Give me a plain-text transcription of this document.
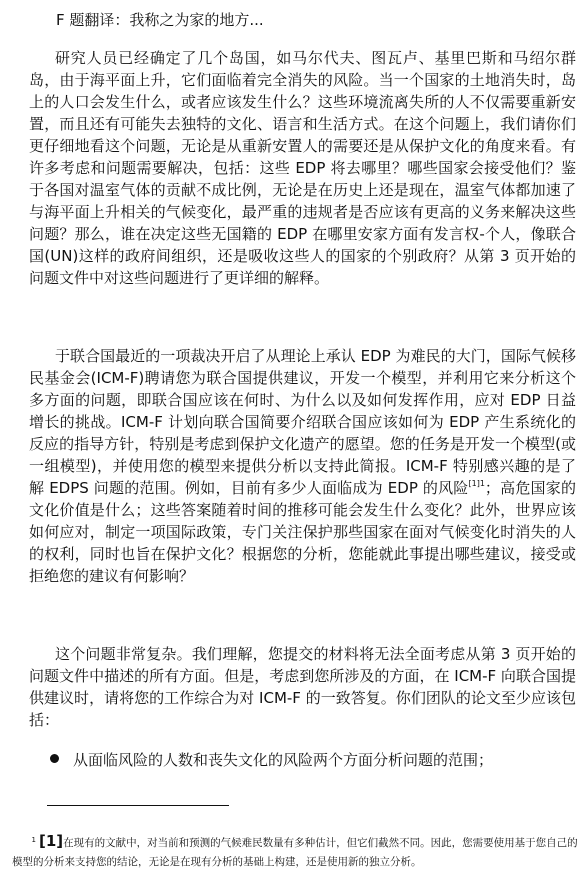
F 题翻译：我称之为家的地方...

研究人员已经确定了几个岛国，如马尔代夫、图瓦卢、基里巴斯和马绍尔群岛，由于海平面上升，它们面临着完全消失的风险。当一个国家的土地消失时，岛上的人口会发生什么，或者应该发生什么？这些环境流离失所的人不仅需要重新安置，而且还有可能失去独特的文化、语言和生活方式。在这个问题上，我们请你们更仔细地看这个问题，无论是从重新安置人的需要还是从保护文化的角度来看。有许多考虑和问题需要解决，包括：这些 EDP 将去哪里？哪些国家会接受他们？鉴于各国对温室气体的贡献不成比例，无论是在历史上还是现在，温室气体都加速了与海平面上升相关的气候变化，最严重的违规者是否应该有更高的义务来解决这些问题？那么，谁在决定这些无国籍的 EDP 在哪里安家方面有发言权-个人，像联合国(UN)这样的政府间组织，还是吸收这些人的国家的个别政府？从第 3 页开始的问题文件中对这些问题进行了更详细的解释。

于联合国最近的一项裁决开启了从理论上承认 EDP 为难民的大门，国际气候移民基金会(ICM-F)聘请您为联合国提供建议，开发一个模型，并利用它来分析这个多方面的问题，即联合国应该在何时、为什么以及如何发挥作用，应对 EDP 日益增长的挑战。ICM-F 计划向联合国简要介绍联合国应该如何为 EDP 产生系统化的反应的指导方针，特别是考虑到保护文化遗产的愿望。您的任务是开发一个模型(或一组模型)，并使用您的模型来提供分析以支持此简报。ICM-F 特别感兴趣的是了解 EDPS 问题的范围。例如，目前有多少人面临成为 EDP 的风险$^{[1]1}$；高危国家的文化价值是什么；这些答案随着时间的推移可能会发生什么变化？此外，世界应该如何应对，制定一项国际政策，专门关注保护那些国家在面对气候变化时消失的人的权利，同时也旨在保护文化？根据您的分析，您能就此事提出哪些建议，接受或拒绝您的建议有何影响？

这个问题非常复杂。我们理解，您提交的材料将无法全面考虑从第 3 页开始的问题文件中描述的所有方面。但是，考虑到您所涉及的方面，在 ICM-F 向联合国提供建议时，请将您的工作综合为对 ICM-F 的一致答复。你们团队的论文至少应该包括：

从面临风险的人数和丧失文化的风险两个方面分析问题的范围；
1 [1]在现有的文献中，对当前和预测的气候难民数量有多种估计，但它们截然不同。因此，您需要使用基于您自己的模型的分析来支持您的结论，无论是在现有分析的基础上构建，还是使用新的独立分析。
